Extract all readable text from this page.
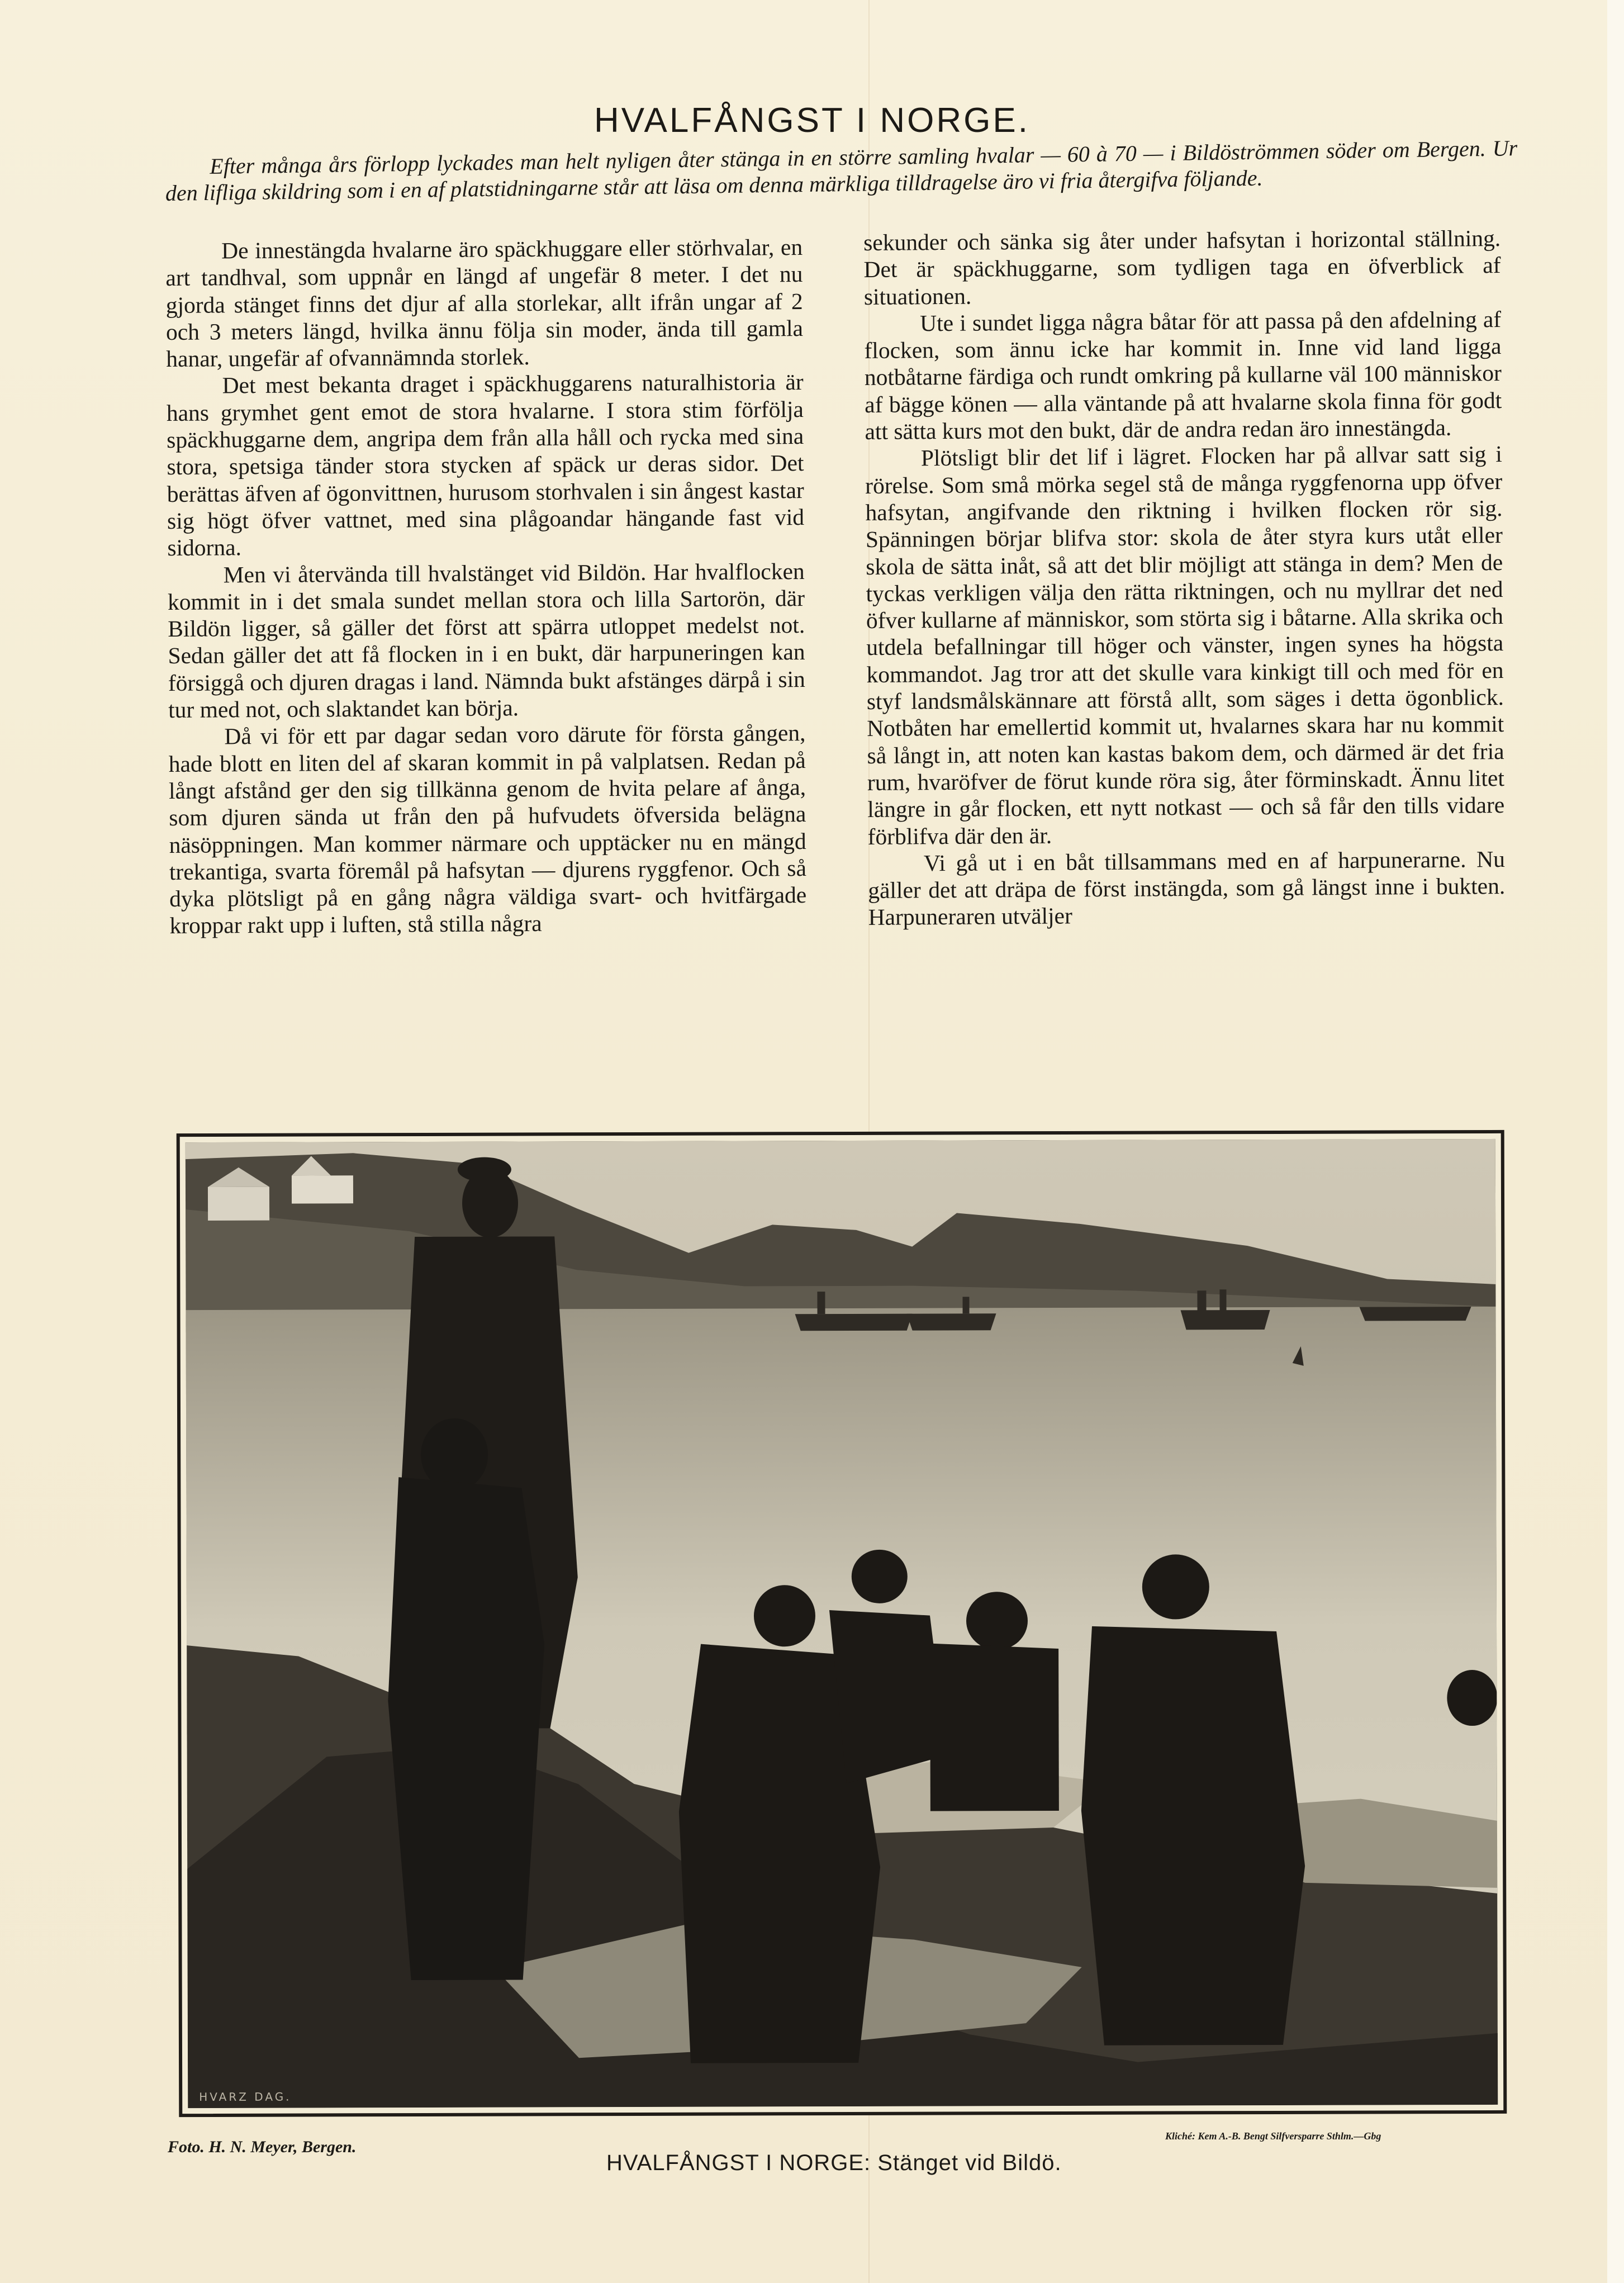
HVALFÅNGST I NORGE.

Efter många års förlopp lyckades man helt nyligen åter stänga in en större samling hvalar — 60 à 70 — i Bildöströmmen söder om Bergen. Ur den lifliga skildring som i en af platstidningarne står att läsa om denna märkliga tilldragelse äro vi fria återgifva följande.

De innestängda hvalarne äro späckhuggare eller störhvalar, en art tandhval, som uppnår en längd af ungefär 8 meter. I det nu gjorda stänget finns det djur af alla storlekar, allt ifrån ungar af 2 och 3 meters längd, hvilka ännu följa sin moder, ända till gamla hanar, ungefär af ofvannämnda storlek.

Det mest bekanta draget i späckhuggarens naturalhistoria är hans grymhet gent emot de stora hvalarne. I stora stim förfölja späckhuggarne dem, angripa dem från alla håll och rycka med sina stora, spetsiga tänder stora stycken af späck ur deras sidor. Det berättas äfven af ögonvittnen, hurusom storhvalen i sin ångest kastar sig högt öfver vattnet, med sina plågoandar hängande fast vid sidorna.

Men vi återvända till hvalstänget vid Bildön. Har hvalflocken kommit in i det smala sundet mellan stora och lilla Sartorön, där Bildön ligger, så gäller det först att spärra utloppet medelst not. Sedan gäller det att få flocken in i en bukt, där harpuneringen kan försiggå och djuren dragas i land. Nämnda bukt afstänges därpå i sin tur med not, och slaktandet kan börja.

Då vi för ett par dagar sedan voro därute för första gången, hade blott en liten del af skaran kommit in på valplatsen. Redan på långt afstånd ger den sig tillkänna genom de hvita pelare af ånga, som djuren sända ut från den på hufvudets öfversida belägna näsöppningen. Man kommer närmare och upptäcker nu en mängd trekantiga, svarta föremål på hafsytan — djurens ryggfenor. Och så dyka plötsligt på en gång några väldiga svart- och hvitfärgade kroppar rakt upp i luften, stå stilla några

sekunder och sänka sig åter under hafsytan i horizontal ställning. Det är späckhuggarne, som tydligen taga en öfverblick af situationen.

Ute i sundet ligga några båtar för att passa på den afdelning af flocken, som ännu icke har kommit in. Inne vid land ligga notbåtarne färdiga och rundt omkring på kullarne väl 100 människor af bägge könen — alla väntande på att hvalarne skola finna för godt att sätta kurs mot den bukt, där de andra redan äro innestängda.

Plötsligt blir det lif i lägret. Flocken har på allvar satt sig i rörelse. Som små mörka segel stå de många ryggfenorna upp öfver hafsytan, angifvande den riktning i hvilken flocken rör sig. Spänningen börjar blifva stor: skola de åter styra kurs utåt eller skola de sätta inåt, så att det blir möjligt att stänga in dem? Men de tyckas verkligen välja den rätta riktningen, och nu myllrar det ned öfver kullarne af människor, som störta sig i båtarne. Alla skrika och utdela befallningar till höger och vänster, ingen synes ha högsta kommandot. Jag tror att det skulle vara kinkigt till och med för en styf landsmålskännare att förstå allt, som säges i detta ögonblick. Notbåten har emellertid kommit ut, hvalarnes skara har nu kommit så långt in, att noten kan kastas bakom dem, och därmed är det fria rum, hvaröfver de förut kunde röra sig, åter förminskadt. Ännu litet längre in går flocken, ett nytt notkast — och så får den tills vidare förblifva där den är.

Vi gå ut i en båt tillsammans med en af harpunerarne. Nu gäller det att dräpa de först instängda, som gå längst inne i bukten. Harpuneraren utväljer

HVARZ DAG.
Foto. H. N. Meyer, Bergen.
HVALFÅNGST I NORGE: Stänget vid Bildö.
Kliché: Kem A.-B. Bengt Silfversparre Sthlm.—Gbg
